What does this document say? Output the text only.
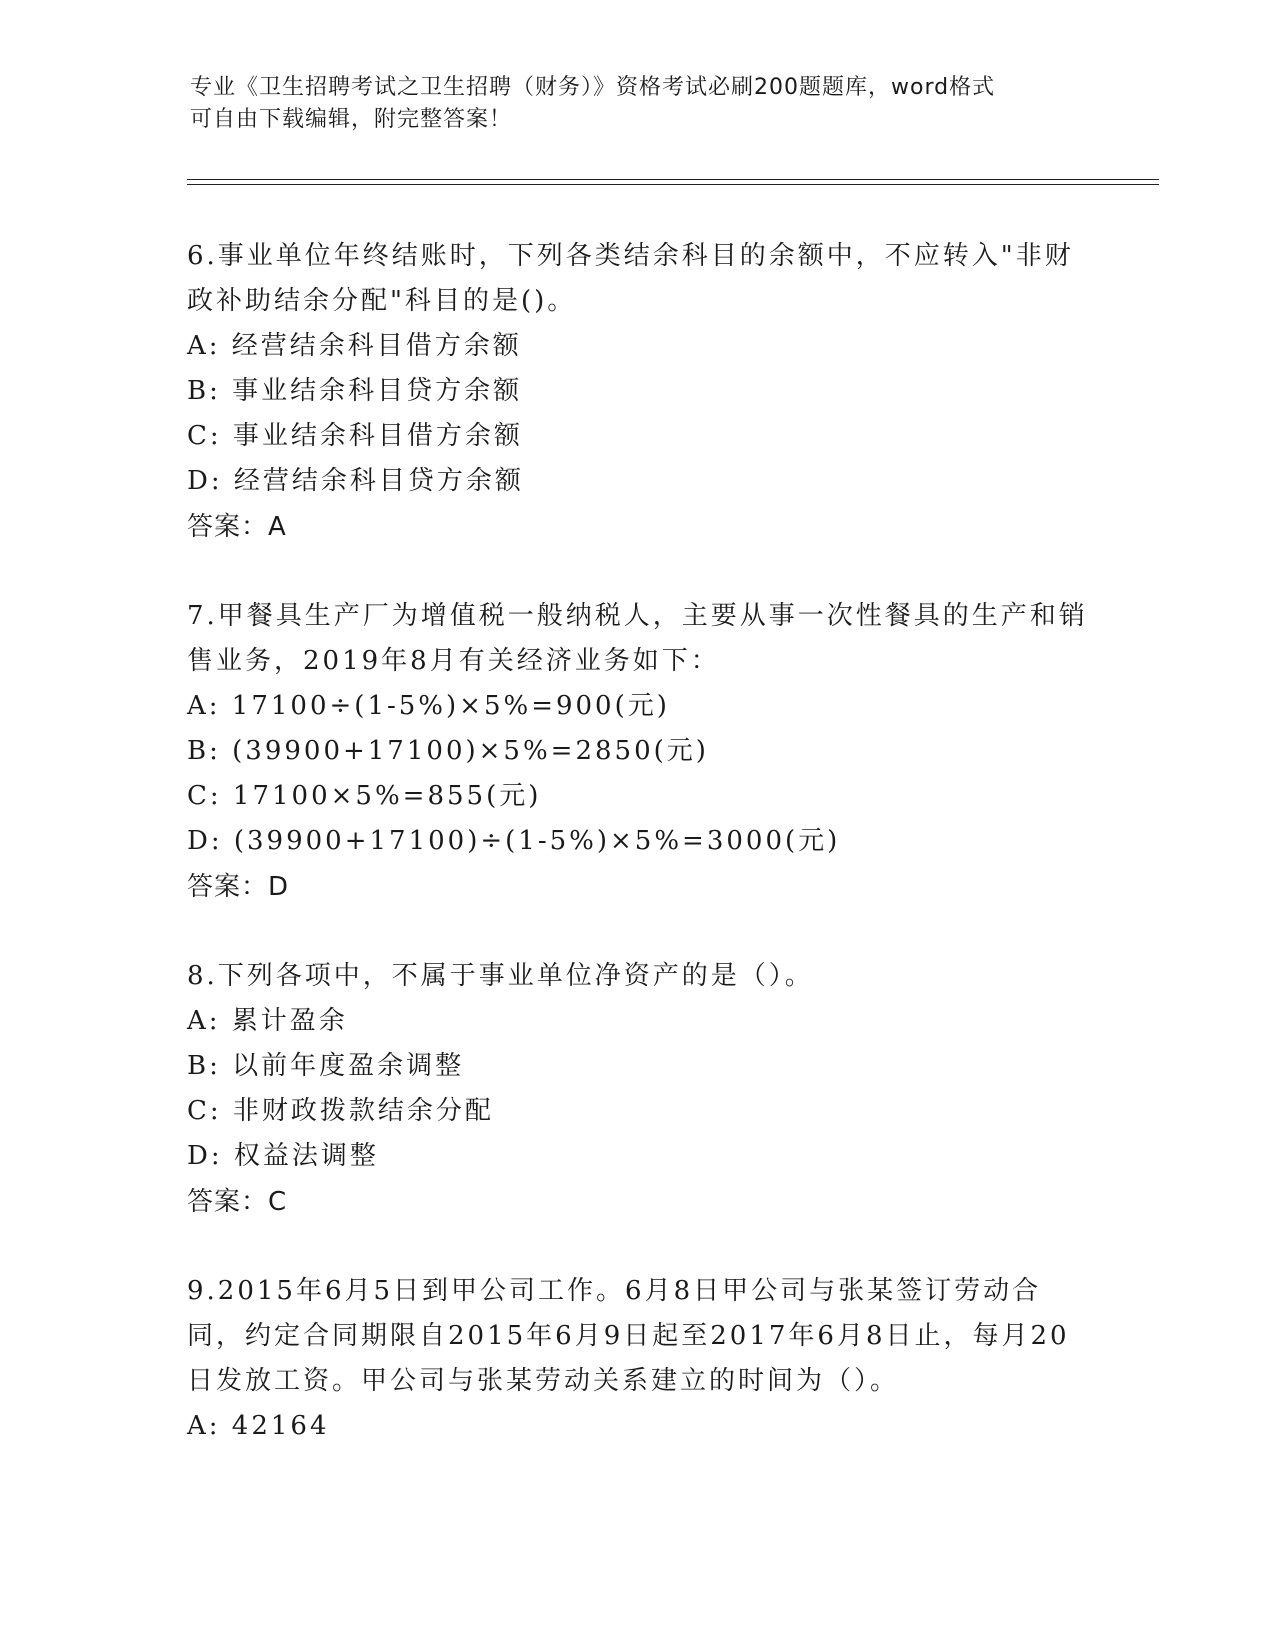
专业《卫生招聘考试之卫生招聘（财务）》资格考试必刷200题题库，word格式
可自由下载编辑，附完整答案！
6.事业单位年终结账时，下列各类结余科目的余额中，不应转入"非财政补助结余分配"科目的是()。
A: 经营结余科目借方余额
B: 事业结余科目贷方余额
C: 事业结余科目借方余额
D: 经营结余科目贷方余额
答案：A
7.甲餐具生产厂为增值税一般纳税人，主要从事一次性餐具的生产和销售业务，2019年8月有关经济业务如下：
A: 17100÷(1-5%)×5%=900(元)
B: (39900+17100)×5%=2850(元)
C: 17100×5%=855(元)
D: (39900+17100)÷(1-5%)×5%=3000(元)
答案：D
8.下列各项中，不属于事业单位净资产的是（）。
A: 累计盈余
B: 以前年度盈余调整
C: 非财政拨款结余分配
D: 权益法调整
答案：C
9.2015年6月5日到甲公司工作。6月8日甲公司与张某签订劳动合同，约定合同期限自2015年6月9日起至2017年6月8日止，每月20日发放工资。甲公司与张某劳动关系建立的时间为（）。
A: 42164
